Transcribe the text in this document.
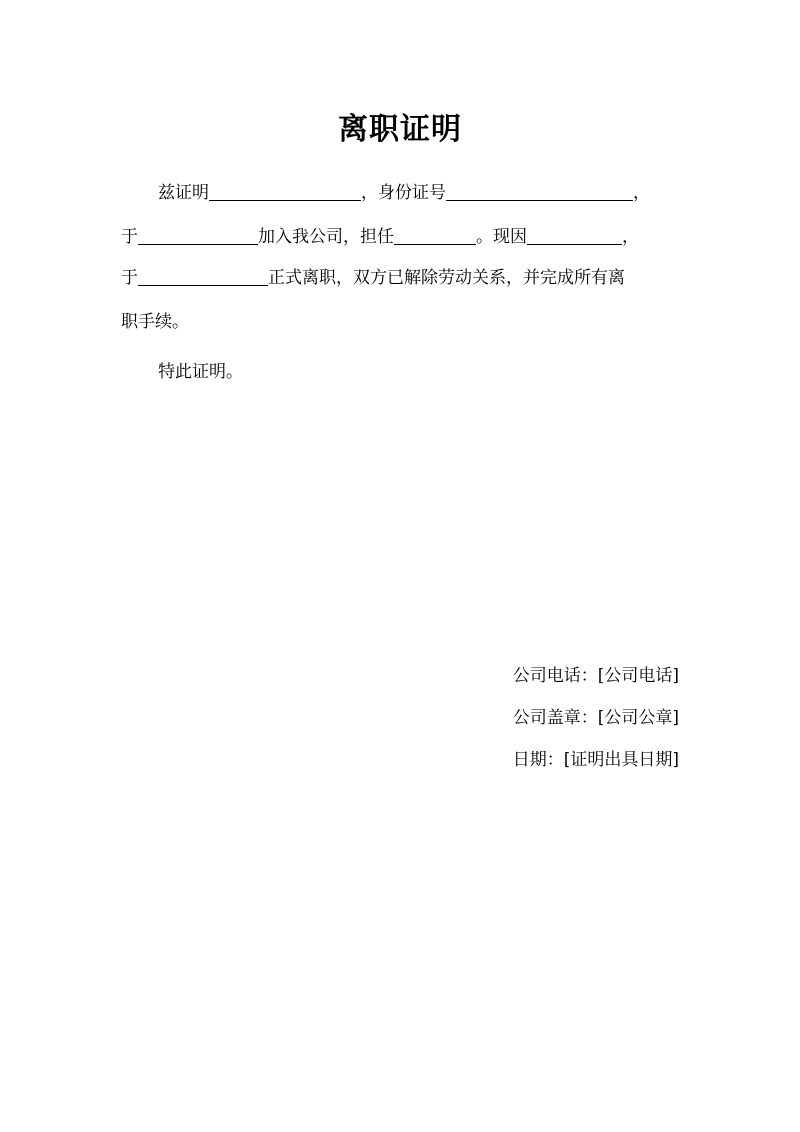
离职证明
兹证明	，身份证号	，
于	加入我公司，担任	。现因	，
于	正式离职，双方已解除劳动关系，并完成所有离
职手续。
特此证明。
公司电话：[公司电话]
公司盖章：[公司公章]
日期：[证明出具日期]
